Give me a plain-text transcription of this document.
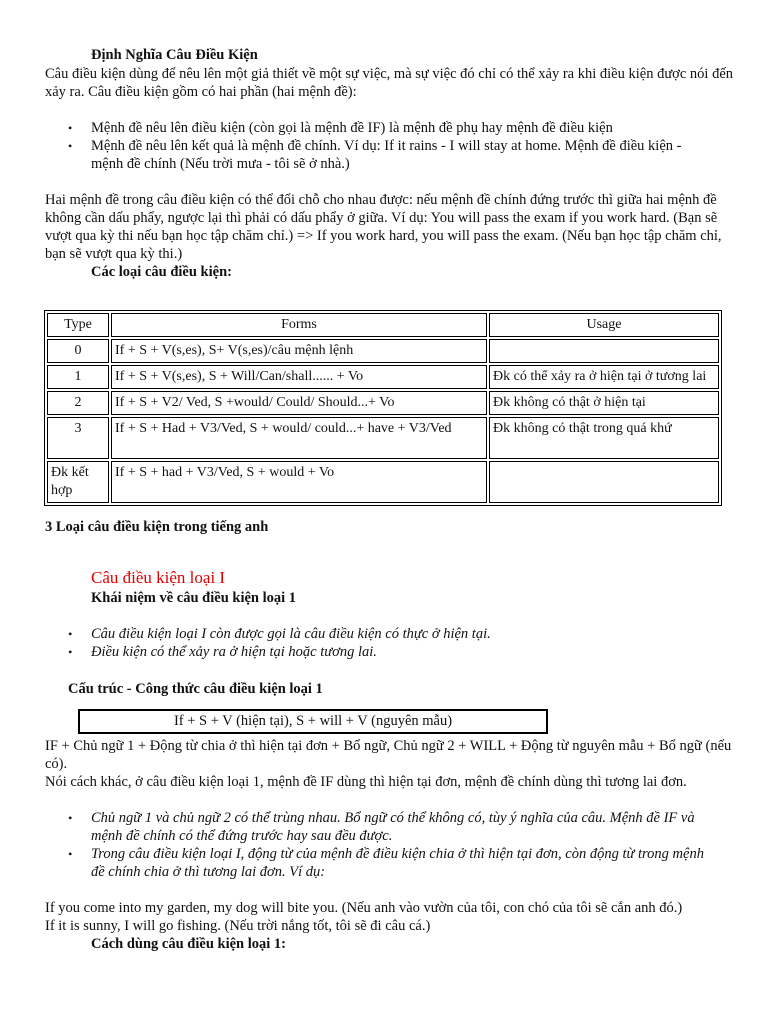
Định Nghĩa Câu Điều Kiện
Câu điều kiện dùng để nêu lên một giả thiết về một sự việc, mà sự việc đó chỉ có thể xảy ra khi điều kiện được nói đến xảy ra. Câu điều kiện gồm có hai phần (hai mệnh đề):
• Mệnh đề nêu lên điều kiện (còn gọi là mệnh đề IF) là mệnh đề phụ hay mệnh đề điều kiện
• Mệnh đề nêu lên kết quả là mệnh đề chính. Ví dụ: If it rains - I will stay at home. Mệnh đề điều kiện - mệnh đề chính (Nếu trời mưa - tôi sẽ ở nhà.)
Hai mệnh đề trong câu điều kiện có thể đổi chỗ cho nhau được: nếu mệnh đề chính đứng trước thì giữa hai mệnh đề không cần dấu phẩy, ngược lại thì phải có dấu phẩy ở giữa. Ví dụ: You will pass the exam if you work hard. (Bạn sẽ vượt qua kỳ thi nếu bạn học tập chăm chỉ.) => If you work hard, you will pass the exam. (Nếu bạn học tập chăm chỉ, bạn sẽ vượt qua kỳ thi.)
Các loại câu điều kiện:
Type	Forms	Usage
0	If + S + V(s,es), S+ V(s,es)/câu mệnh lệnh	
1	If + S + V(s,es), S + Will/Can/shall...... + Vo	Đk có thể xảy ra ở hiện tại ở tương lai
2	If + S + V2/ Ved, S +would/ Could/ Should...+ Vo	Đk không có thật ở hiện tại
3	If + S + Had + V3/Ved, S + would/ could...+ have + V3/Ved	Đk không có thật trong quá khứ
Đk kết hợp	If + S + had + V3/Ved, S + would + Vo	
3 Loại câu điều kiện trong tiếng anh
Câu điều kiện loại I
Khái niệm về câu điều kiện loại 1
• Câu điều kiện loại I còn được gọi là câu điều kiện có thực ở hiện tại.
• Điều kiện có thể xảy ra ở hiện tại hoặc tương lai.
Cấu trúc - Công thức câu điều kiện loại 1
If + S + V (hiện tại), S + will + V (nguyên mẫu)
IF + Chủ ngữ 1 + Động từ chia ở thì hiện tại đơn + Bổ ngữ, Chủ ngữ 2 + WILL + Động từ nguyên mẫu + Bổ ngữ (nếu có).
Nói cách khác, ở câu điều kiện loại 1, mệnh đề IF dùng thì hiện tại đơn, mệnh đề chính dùng thì tương lai đơn.
• Chủ ngữ 1 và chủ ngữ 2 có thể trùng nhau. Bổ ngữ có thể không có, tùy ý nghĩa của câu. Mệnh đề IF và mệnh đề chính có thể đứng trước hay sau đều được.
• Trong câu điều kiện loại I, động từ của mệnh đề điều kiện chia ở thì hiện tại đơn, còn động từ trong mệnh đề chính chia ở thì tương lai đơn. Ví dụ:
If you come into my garden, my dog will bite you. (Nếu anh vào vườn của tôi, con chó của tôi sẽ cắn anh đó.)
If it is sunny, I will go fishing. (Nếu trời nắng tốt, tôi sẽ đi câu cá.)
Cách dùng câu điều kiện loại 1:
